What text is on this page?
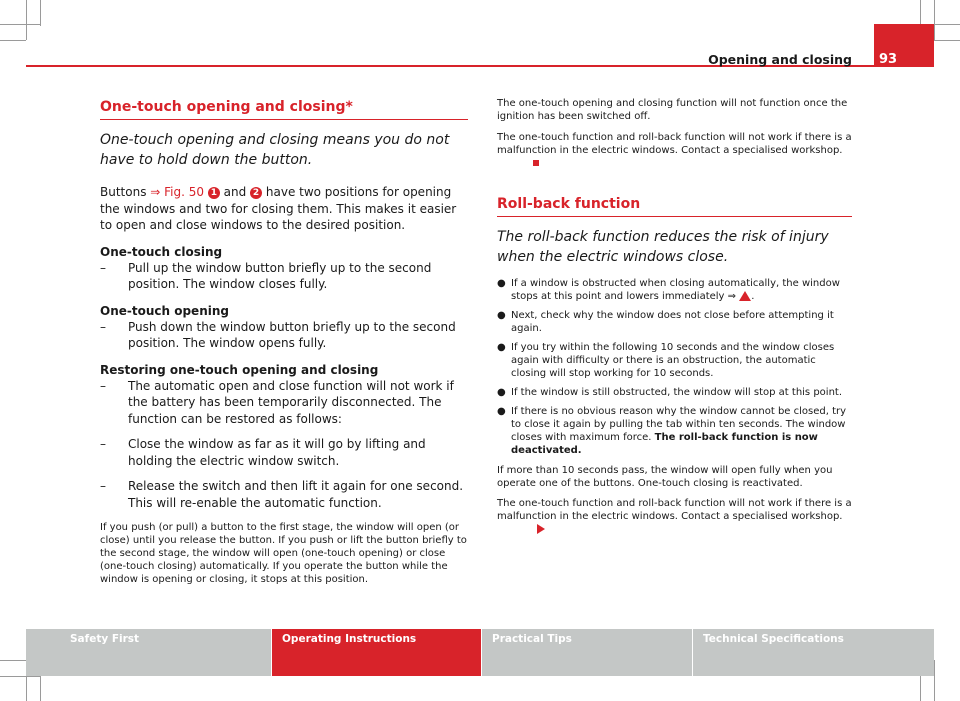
93
Opening and closing
One-touch opening and closing*

One-touch opening and closing means you do not have to hold down the button.

Buttons ⇒ Fig. 50 1 and 2 have two positions for opening the windows and two for closing them. This makes it easier to open and close windows to the desired position.

One-touch closing

–	Pull up the window button briefly up to the second position. The window closes fully.

One-touch opening

–	Push down the window button briefly up to the second position. The window opens fully.

Restoring one-touch opening and closing

–	The automatic open and close function will not work if the battery has been temporarily disconnected. The function can be restored as follows:
–	Close the window as far as it will go by lifting and holding the electric window switch.
–	Release the switch and then lift it again for one second. This will re-enable the automatic function.

If you push (or pull) a button to the first stage, the window will open (or close) until you release the button. If you push or lift the button briefly to the second stage, the window will open (one-touch opening) or close (one-touch closing) automatically. If you operate the button while the window is opening or closing, it stops at this position.

The one-touch opening and closing function will not function once the ignition has been switched off.

The one-touch function and roll-back function will not work if there is a malfunction in the electric windows. Contact a specialised workshop.

Roll-back function

The roll-back function reduces the risk of injury when the electric windows close.

● If a window is obstructed when closing automatically, the window stops at this point and lowers immediately ⇒ .
● Next, check why the window does not close before attempting it again.
● If you try within the following 10 seconds and the window closes again with difficulty or there is an obstruction, the automatic closing will stop working for 10 seconds.
● If the window is still obstructed, the window will stop at this point.
● If there is no obvious reason why the window cannot be closed, try to close it again by pulling the tab within ten seconds. The window closes with maximum force. The roll-back function is now deactivated.

If more than 10 seconds pass, the window will open fully when you operate one of the buttons. One-touch closing is reactivated.

The one-touch function and roll-back function will not work if there is a malfunction in the electric windows. Contact a specialised workshop.

Safety First	Operating Instructions	Practical Tips	Technical Specifications
